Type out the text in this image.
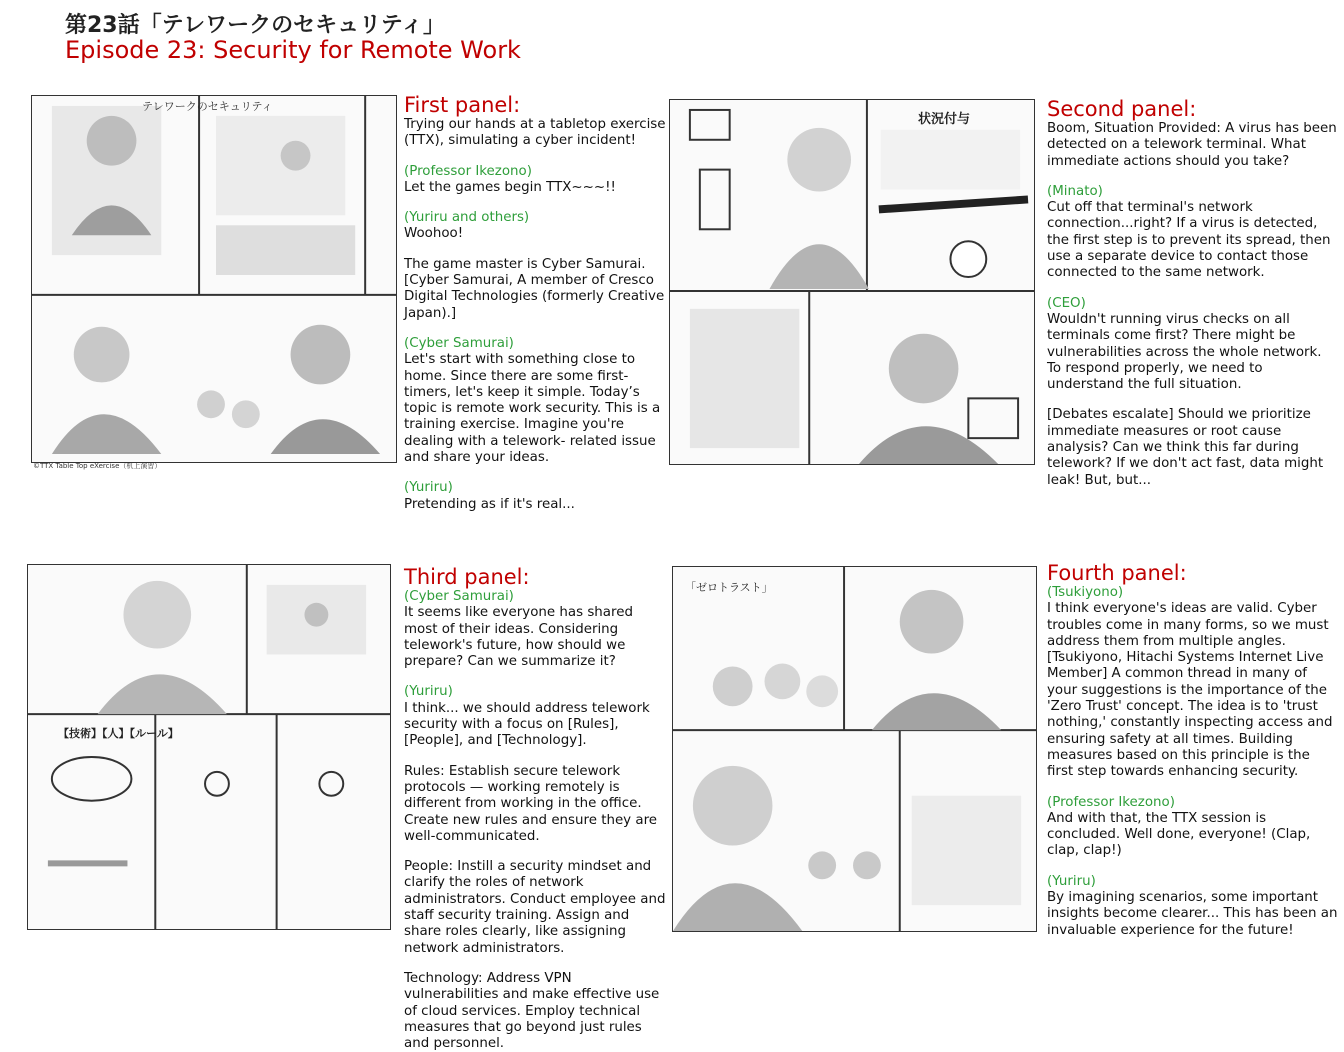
第23話「テレワークのセキュリティ」
Episode 23: Security for Remote Work
テレワークのセキュリティ
©TTX Table Top eXercise（机上演習）
First panel:

Trying our hands at a tabletop exercise (TTX), simulating a cyber incident!

(Professor Ikezono)

Let the games begin TTX~~~!!

(Yuriru and others)

Woohoo!

The game master is Cyber Samurai. [Cyber Samurai, A member of Cresco Digital Technologies (formerly Creative Japan).]

(Cyber Samurai)

Let's start with something close to home. Since there are some first-timers, let's keep it simple. Today’s topic is remote work security. This is a training exercise. Imagine you're dealing with a telework- related issue and share your ideas.

(Yuriru)

Pretending as if it's real...

状況付与	Second panel:

Boom, Situation Provided: A virus has been detected on a telework terminal. What immediate actions should you take?

(Minato)

Cut off that terminal's network connection...right? If a virus is detected, the first step is to prevent its spread, then use a separate device to contact those connected to the same network.

(CEO)

Wouldn't running virus checks on all terminals come first? There might be vulnerabilities across the whole network. To respond properly, we need to understand the full situation.

[Debates escalate] Should we prioritize immediate measures or root cause analysis? Can we think this far during telework? If we don't act fast, data might leak! But, but...

【技術】【人】【ルール】
Third panel:

(Cyber Samurai)

It seems like everyone has shared most of their ideas. Considering telework's future, how should we prepare? Can we summarize it?

(Yuriru)

I think... we should address telework security with a focus on [Rules], [People], and [Technology].

Rules: Establish secure telework protocols — working remotely is different from working in the office. Create new rules and ensure they are well-communicated.

People: Instill a security mindset and clarify the roles of network administrators. Conduct employee and staff security training. Assign and share roles clearly, like assigning network administrators.

Technology: Address VPN vulnerabilities and make effective use of cloud services. Employ technical measures that go beyond just rules and personnel.

「ゼロトラスト」
Fourth panel:

(Tsukiyono)

I think everyone's ideas are valid. Cyber troubles come in many forms, so we must address them from multiple angles. [Tsukiyono, Hitachi Systems Internet Live Member] A common thread in many of your suggestions is the importance of the 'Zero Trust' concept. The idea is to 'trust nothing,' constantly inspecting access and ensuring safety at all times. Building measures based on this principle is the first step towards enhancing security.

(Professor Ikezono)

And with that, the TTX session is concluded. Well done, everyone! (Clap, clap, clap!)

(Yuriru)

By imagining scenarios, some important insights become clearer... This has been an invaluable experience for the future!
